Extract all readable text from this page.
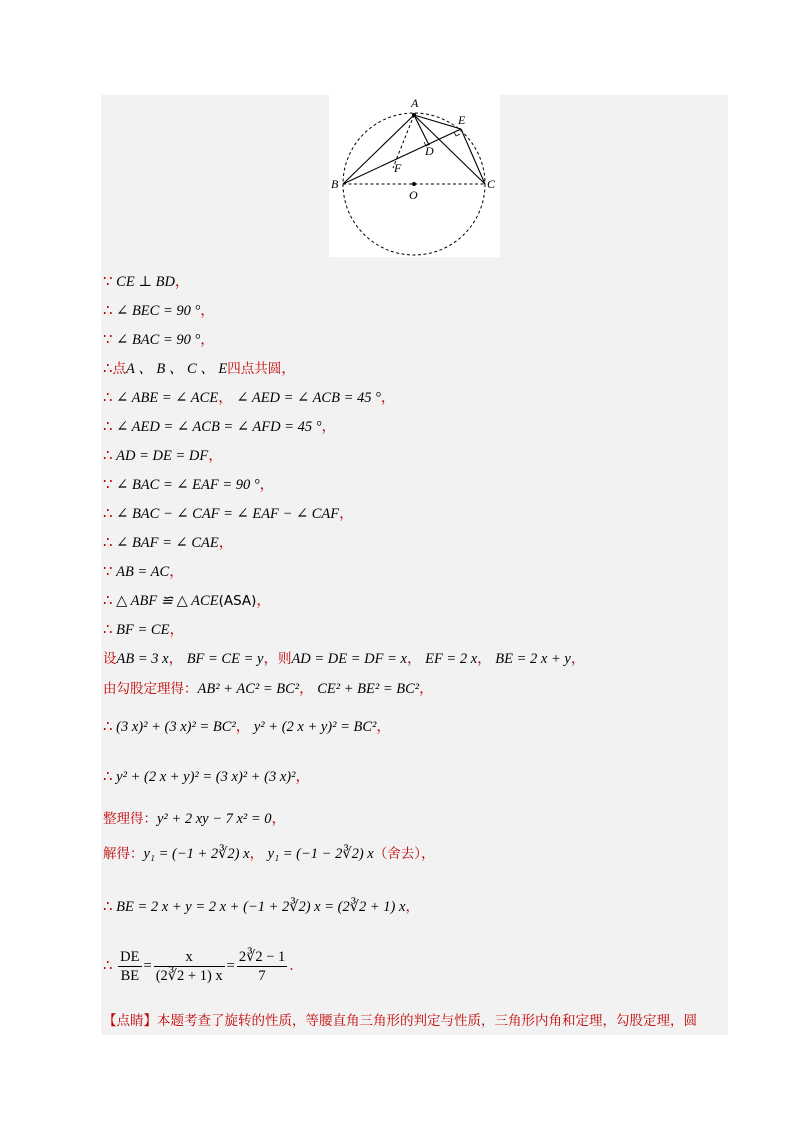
A
E
D
F
B
O
C
∵ CE ⊥ BD，
∴ ∠ BEC = 90 °，
∵ ∠ BAC = 90 °，
∴点A 、 B 、 C 、 E四点共圆，
∴ ∠ ABE = ∠ ACE， ∠ AED = ∠ ACB = 45 °，
∴ ∠ AED = ∠ ACB = ∠ AFD = 45 °，
∴ AD = DE = DF，
∵ ∠ BAC = ∠ EAF = 90 °，
∴ ∠ BAC − ∠ CAF = ∠ EAF − ∠ CAF，
∴ ∠ BAF = ∠ CAE，
∵ AB = AC，
∴ △ ABF ≌ △ ACE(ASA)，
∴ BF = CE，
设AB = 3 x， BF = CE = y，则AD = DE = DF = x， EF = 2 x， BE = 2 x + y，
由勾股定理得：AB² + AC² = BC²， CE² + BE² = BC²，
∴ (3 x)² + (3 x)² = BC²， y² + (2 x + y)² = BC²，
∴ y² + (2 x + y)² = (3 x)² + (3 x)²，
整理得：y² + 2 xy − 7 x² = 0，
解得：y₁ = (−1 + 2∛2) x， y₁ = (−1 − 2∛2) x（舍去），
∴ BE = 2 x + y = 2 x + (−1 + 2∛2) x = (2∛2 + 1) x，
∴ $\frac{DE}{BE} = \frac{x}{(2∛2 + 1) x} = \frac{2∛2 - 1}{7}$ ．
【点睛】本题考查了旋转的性质，等腰直角三角形的判定与性质，三角形内角和定理，勾股定理，圆
